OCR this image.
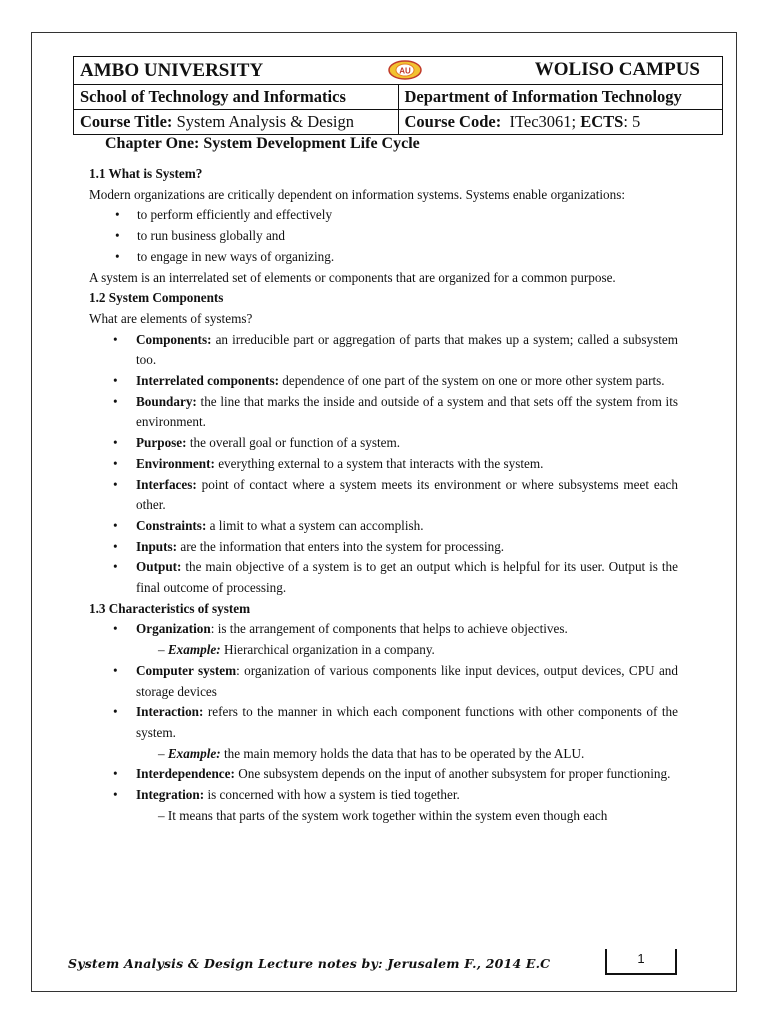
AMBO UNIVERSITY AU WOLISO CAMPUS	

School of Technology and Informatics	Department of Information Technology
Course Title: System Analysis & Design	Course Code: ITec3061; ECTS: 5
Chapter One: System Development Life Cycle
1.1 What is System?

Modern organizations are critically dependent on information systems. Systems enable organizations:

• to perform efficiently and effectively
• to run business globally and
• to engage in new ways of organizing.

A system is an interrelated set of elements or components that are organized for a common purpose.

1.2 System Components

What are elements of systems?

• Components: an irreducible part or aggregation of parts that makes up a system; called a subsystem too.
• Interrelated components: dependence of one part of the system on one or more other system parts.
• Boundary: the line that marks the inside and outside of a system and that sets off the system from its environment.
• Purpose: the overall goal or function of a system.
• Environment: everything external to a system that interacts with the system.
• Interfaces: point of contact where a system meets its environment or where subsystems meet each other.
• Constraints: a limit to what a system can accomplish.
• Inputs: are the information that enters into the system for processing.
• Output: the main objective of a system is to get an output which is helpful for its user. Output is the final outcome of processing.
1.3 Characteristics of system
• Organization: is the arrangement of components that helps to achieve objectives.
– Example: Hierarchical organization in a company.
• Computer system: organization of various components like input devices, output devices, CPU and storage devices
• Interaction: refers to the manner in which each component functions with other components of the system.
– Example: the main memory holds the data that has to be operated by the ALU.
• Interdependence: One subsystem depends on the input of another subsystem for proper functioning.
• Integration: is concerned with how a system is tied together.
– It means that parts of the system work together within the system even though each
System Analysis & Design Lecture notes by: Jerusalem F., 2014 E.C	1
